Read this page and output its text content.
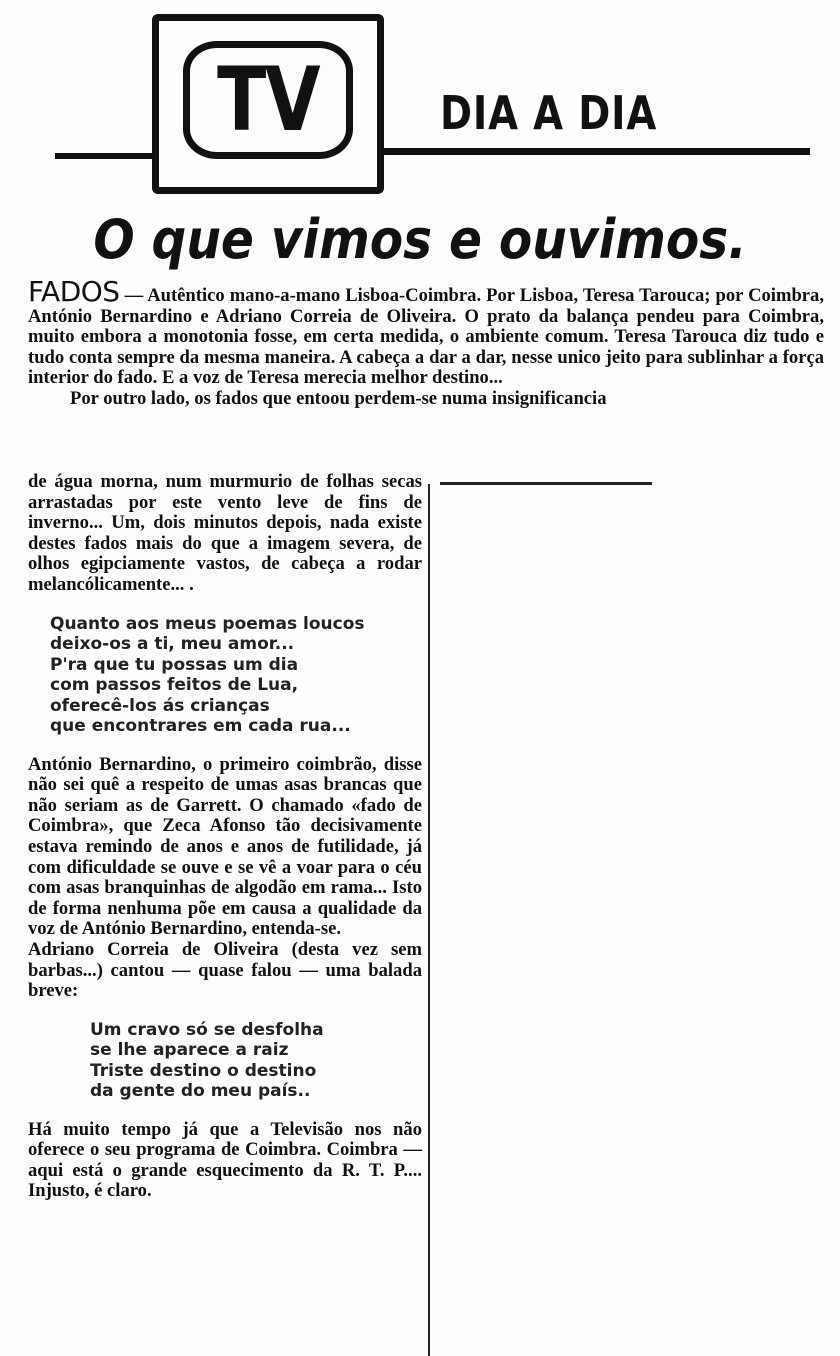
TV	DIA A DIA
O que vimos e ouvimos.

FADOS — Autêntico mano-a-mano Lisboa-Coimbra. Por Lisboa, Teresa Tarouca; por Coimbra, António Bernardino e Adriano Correia de Oliveira. O prato da balança pendeu para Coimbra, muito embora a monotonia fosse, em certa medida, o ambiente comum. Teresa Tarouca diz tudo e tudo conta sempre da mesma maneira. A cabeça a dar a dar, nesse unico jeito para sublinhar a força interior do fado. E a voz de Teresa merecia melhor destino...

Por outro lado, os fados que entoou perdem-se numa insignificancia

de água morna, num murmurio de folhas secas arrastadas por este vento leve de fins de inverno... Um, dois minutos depois, nada existe destes fados mais do que a imagem severa, de olhos egipciamente vastos, de cabeça a rodar melancólicamente... .

Quanto aos meus poemas loucos
deixo-os a ti, meu amor...
P'ra que tu possas um dia
com passos feitos de Lua,
oferecê-los ás crianças
que encontrares em cada rua...

António Bernardino, o primeiro coimbrão, disse não sei quê a respeito de umas asas brancas que não seriam as de Garrett. O chamado «fado de Coimbra», que Zeca Afonso tão decisivamente estava remindo de anos e anos de futilidade, já com dificuldade se ouve e se vê a voar para o céu com asas branquinhas de algodão em rama... Isto de forma nenhuma põe em causa a qualidade da voz de António Bernardino, entenda-se.

Adriano Correia de Oliveira (desta vez sem barbas...) cantou — quase falou — uma balada breve:

Um cravo só se desfolha
se lhe aparece a raiz
Triste destino o destino
da gente do meu país..

Há muito tempo já que a Televisão nos não oferece o seu programa de Coimbra. Coimbra — aqui está o grande esquecimento da R. T. P.... Injusto, é claro.
